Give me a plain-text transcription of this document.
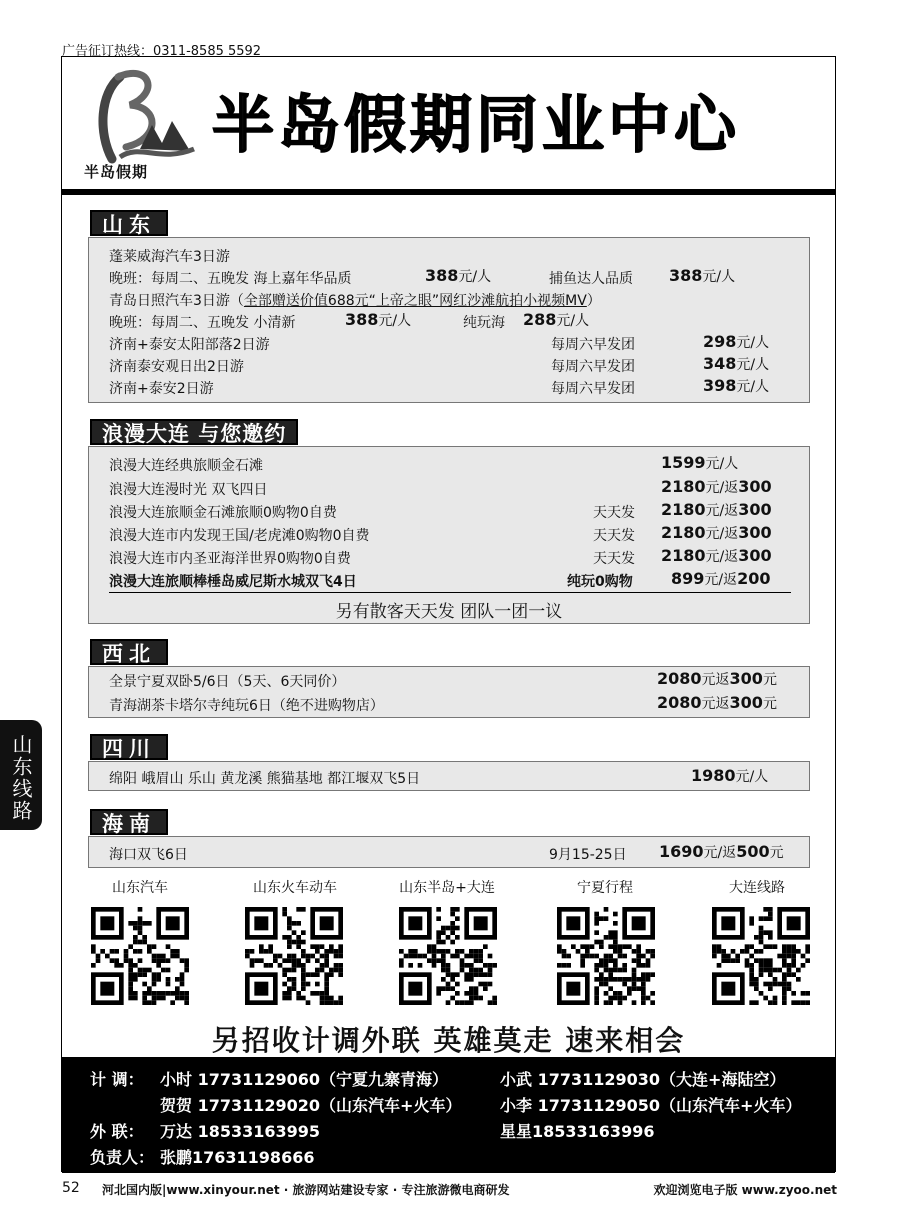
广告征订热线：0311-8585 5592
山东线路
半岛假期
半岛假期同业中心
山东
蓬莱威海汽车3日游
晚班：每周二、五晚发 海上嘉年华品质	388元/人	捕鱼达人品质 388元/人
青岛日照汽车3日游（全部赠送价值688元“上帝之眼”网红沙滩航拍小视频MV）
晚班：每周二、五晚发 小清新	388元/人	纯玩海 288元/人
济南+泰安太阳部落2日游	每周六早发团	298元/人
济南泰安观日出2日游	每周六早发团	348元/人
济南+泰安2日游	每周六早发团	398元/人
浪漫大连 与您邀约
浪漫大连经典旅顺金石滩	1599元/人
浪漫大连漫时光 双飞四日	2180元/返300
浪漫大连旅顺金石滩旅顺0购物0自费	天天发 2180元/返300
浪漫大连市内发现王国/老虎滩0购物0自费	天天发 2180元/返300
浪漫大连市内圣亚海洋世界0购物0自费	天天发 2180元/返300
浪漫大连旅顺棒棰岛威尼斯水城双飞4日	纯玩0购物 899元/返200
另有散客天天发 团队一团一议
西北
全景宁夏双卧5/6日（5天、6天同价）	2080元返300元
青海湖茶卡塔尔寺纯玩6日（绝不进购物店）	2080元返300元
四川
绵阳 峨眉山 乐山 黄龙溪 熊猫基地 都江堰双飞5日	1980元/人
海南
海口双飞6日	9月15-25日 1690元/返500元
山东汽车	山东火车动车	山东半岛+大连	宁夏行程	大连线路
另招收计调外联 英雄莫走 速来相会
计 调： 小时 17731129060（宁夏九寨青海）	小武 17731129030（大连+海陆空）
贺贺 17731129020（山东汽车+火车） 小李 17731129050（山东汽车+火车）
外 联： 万达 18533163995	星星18533163996
负责人： 张鹏17631198666
52 河北国内版|www.xinyour.net · 旅游网站建设专家 · 专注旅游微电商研发	欢迎浏览电子版 www.zyoo.net
